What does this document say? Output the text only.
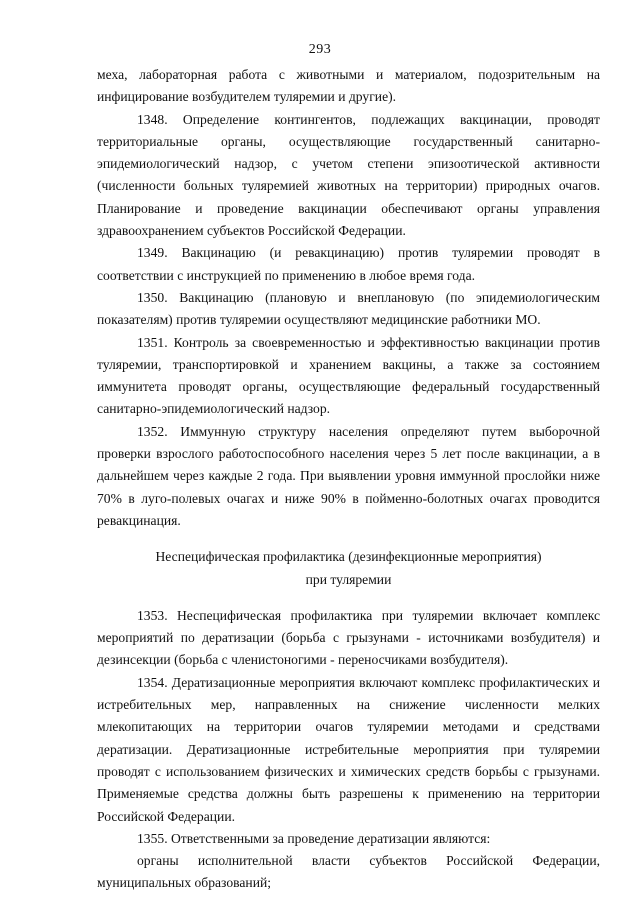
293

меха, лабораторная работа с животными и материалом, подозрительным на инфицирование возбудителем туляремии и другие).

1348. Определение контингентов, подлежащих вакцинации, проводят территориальные органы, осуществляющие государственный санитарно-эпидемиологический надзор, с учетом степени эпизоотической активности (численности больных туляремией животных на территории) природных очагов. Планирование и проведение вакцинации обеспечивают органы управления здравоохранением субъектов Российской Федерации.

1349. Вакцинацию (и ревакцинацию) против туляремии проводят в соответствии с инструкцией по применению в любое время года.

1350. Вакцинацию (плановую и внеплановую (по эпидемиологическим показателям) против туляремии осуществляют медицинские работники МО.

1351. Контроль за своевременностью и эффективностью вакцинации против туляремии, транспортировкой и хранением вакцины, а также за состоянием иммунитета проводят органы, осуществляющие федеральный государственный санитарно-эпидемиологический надзор.

1352. Иммунную структуру населения определяют путем выборочной проверки взрослого работоспособного населения через 5 лет после вакцинации, а в дальнейшем через каждые 2 года. При выявлении уровня иммунной прослойки ниже 70% в луго-полевых очагах и ниже 90% в пойменно-болотных очагах проводится ревакцинация.

Неспецифическая профилактика (дезинфекционные мероприятия)
при туляремии

1353. Неспецифическая профилактика при туляремии включает комплекс мероприятий по дератизации (борьба с грызунами - источниками возбудителя) и дезинсекции (борьба с членистоногими - переносчиками возбудителя).

1354. Дератизационные мероприятия включают комплекс профилактических и истребительных мер, направленных на снижение численности мелких млекопитающих на территории очагов туляремии методами и средствами дератизации. Дератизационные истребительные мероприятия при туляремии проводят с использованием физических и химических средств борьбы с грызунами. Применяемые средства должны быть разрешены к применению на территории Российской Федерации.

1355. Ответственными за проведение дератизации являются:

органы исполнительной власти субъектов Российской Федерации, муниципальных образований;
